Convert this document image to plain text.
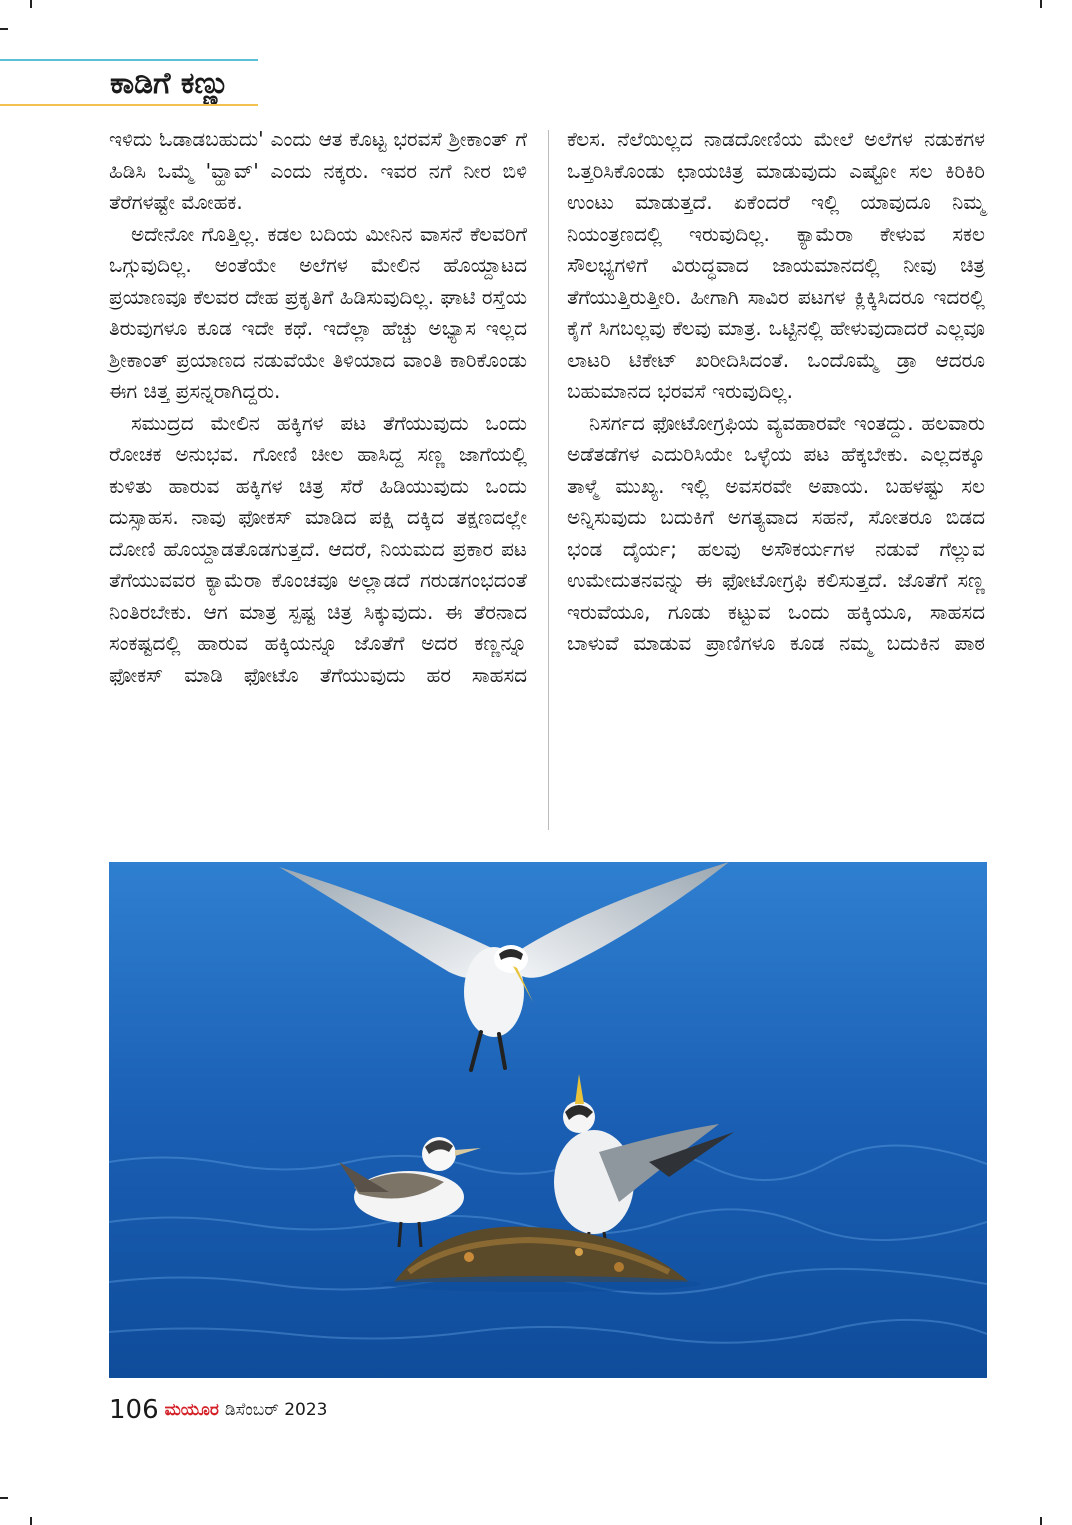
ಕಾಡಿಗೆ ಕಣ್ಣು

ಇಳಿದು ಓಡಾಡಬಹುದು' ಎಂದು ಆತ ಕೊಟ್ಟ ಭರವಸೆ ಶ್ರೀಕಾಂತ್ ಗೆ ಹಿಡಿಸಿ ಒಮ್ಮೆ 'ವ್ಹಾವ್' ಎಂದು ನಕ್ಕರು. ಇವರ ನಗೆ ನೀರ ಬಿಳಿ ತೆರೆಗಳಷ್ಟೇ ಮೋಹಕ.

ಅದೇನೋ ಗೊತ್ತಿಲ್ಲ. ಕಡಲ ಬದಿಯ ಮೀನಿನ ವಾಸನೆ ಕೆಲವರಿಗೆ ಒಗ್ಗುವುದಿಲ್ಲ. ಅಂತೆಯೇ ಅಲೆಗಳ ಮೇಲಿನ ಹೊಯ್ದಾಟದ ಪ್ರಯಾಣವೂ ಕೆಲವರ ದೇಹ ಪ್ರಕೃತಿಗೆ ಹಿಡಿಸುವುದಿಲ್ಲ. ಘಾಟಿ ರಸ್ತೆಯ ತಿರುವುಗಳೂ ಕೂಡ ಇದೇ ಕಥೆ. ಇದೆಲ್ಲಾ ಹೆಚ್ಚು ಅಭ್ಯಾಸ ಇಲ್ಲದ ಶ್ರೀಕಾಂತ್ ಪ್ರಯಾಣದ ನಡುವೆಯೇ ತಿಳಿಯಾದ ವಾಂತಿ ಕಾರಿಕೊಂಡು ಈಗ ಚಿತ್ತ ಪ್ರಸನ್ನರಾಗಿದ್ದರು.

ಸಮುದ್ರದ ಮೇಲಿನ ಹಕ್ಕಿಗಳ ಪಟ ತೆಗೆಯುವುದು ಒಂದು ರೋಚಕ ಅನುಭವ. ಗೋಣಿ ಚೀಲ ಹಾಸಿದ್ದ ಸಣ್ಣ ಜಾಗೆಯಲ್ಲಿ ಕುಳಿತು ಹಾರುವ ಹಕ್ಕಿಗಳ ಚಿತ್ರ ಸೆರೆ ಹಿಡಿಯುವುದು ಒಂದು ದುಸ್ಸಾಹಸ. ನಾವು ಫೋಕಸ್ ಮಾಡಿದ ಪಕ್ಷಿ ದಕ್ಕಿದ ತಕ್ಷಣದಲ್ಲೇ ದೋಣಿ ಹೊಯ್ದಾಡತೊಡಗುತ್ತದೆ. ಆದರೆ, ನಿಯಮದ ಪ್ರಕಾರ ಪಟ ತೆಗೆಯುವವರ ಕ್ಯಾಮೆರಾ ಕೊಂಚವೂ ಅಲ್ಲಾಡದೆ ಗರುಡಗಂಭದಂತೆ ನಿಂತಿರಬೇಕು. ಆಗ ಮಾತ್ರ ಸ್ಪಷ್ಟ ಚಿತ್ರ ಸಿಕ್ಕುವುದು. ಈ ತೆರನಾದ ಸಂಕಷ್ಟದಲ್ಲಿ ಹಾರುವ ಹಕ್ಕಿಯನ್ನೂ ಜೊತೆಗೆ ಅದರ ಕಣ್ಣನ್ನೂ ಫೋಕಸ್ ಮಾಡಿ ಫೋಟೊ ತೆಗೆಯುವುದು ಹರ ಸಾಹಸದ

ಕೆಲಸ. ನೆಲೆಯಿಲ್ಲದ ನಾಡದೋಣಿಯ ಮೇಲೆ ಅಲೆಗಳ ನಡುಕಗಳ ಒತ್ತರಿಸಿಕೊಂಡು ಛಾಯಚಿತ್ರ ಮಾಡುವುದು ಎಷ್ಟೋ ಸಲ ಕಿರಿಕಿರಿ ಉಂಟು ಮಾಡುತ್ತದೆ. ಏಕೆಂದರೆ ಇಲ್ಲಿ ಯಾವುದೂ ನಿಮ್ಮ ನಿಯಂತ್ರಣದಲ್ಲಿ ಇರುವುದಿಲ್ಲ. ಕ್ಯಾಮೆರಾ ಕೇಳುವ ಸಕಲ ಸೌಲಭ್ಯಗಳಿಗೆ ವಿರುದ್ಧವಾದ ಜಾಯಮಾನದಲ್ಲಿ ನೀವು ಚಿತ್ರ ತೆಗೆಯುತ್ತಿರುತ್ತೀರಿ. ಹೀಗಾಗಿ ಸಾವಿರ ಪಟಗಳ ಕ್ಲಿಕ್ಕಿಸಿದರೂ ಇದರಲ್ಲಿ ಕೈಗೆ ಸಿಗಬಲ್ಲವು ಕೆಲವು ಮಾತ್ರ. ಒಟ್ಟಿನಲ್ಲಿ ಹೇಳುವುದಾದರೆ ಎಲ್ಲವೂ ಲಾಟರಿ ಟಿಕೇಟ್ ಖರೀದಿಸಿದಂತೆ. ಒಂದೊಮ್ಮೆ ಡ್ರಾ ಆದರೂ ಬಹುಮಾನದ ಭರವಸೆ ಇರುವುದಿಲ್ಲ.

ನಿಸರ್ಗದ ಫೋಟೋಗ್ರಫಿಯ ವ್ಯವಹಾರವೇ ಇಂತದ್ದು. ಹಲವಾರು ಅಡೆತಡೆಗಳ ಎದುರಿಸಿಯೇ ಒಳ್ಳೆಯ ಪಟ ಹೆಕ್ಕಬೇಕು. ಎಲ್ಲದಕ್ಕೂ ತಾಳ್ಮೆ ಮುಖ್ಯ. ಇಲ್ಲಿ ಅವಸರವೇ ಅಪಾಯ. ಬಹಳಷ್ಟು ಸಲ ಅನ್ನಿಸುವುದು ಬದುಕಿಗೆ ಅಗತ್ಯವಾದ ಸಹನೆ, ಸೋತರೂ ಬಿಡದ ಭಂಡ ದೈರ್ಯ; ಹಲವು ಅಸೌಕರ್ಯಗಳ ನಡುವೆ ಗೆಲ್ಲುವ ಉಮೇದುತನವನ್ನು ಈ ಫೋಟೋಗ್ರಫಿ ಕಲಿಸುತ್ತದೆ. ಜೊತೆಗೆ ಸಣ್ಣ ಇರುವೆಯೂ, ಗೂಡು ಕಟ್ಟುವ ಒಂದು ಹಕ್ಕಿಯೂ, ಸಾಹಸದ ಬಾಳುವೆ ಮಾಡುವ ಪ್ರಾಣಿಗಳೂ ಕೂಡ ನಮ್ಮ ಬದುಕಿನ ಪಾಠ

106 ಮಯೂರ ಡಿಸೆಂಬರ್ 2023
